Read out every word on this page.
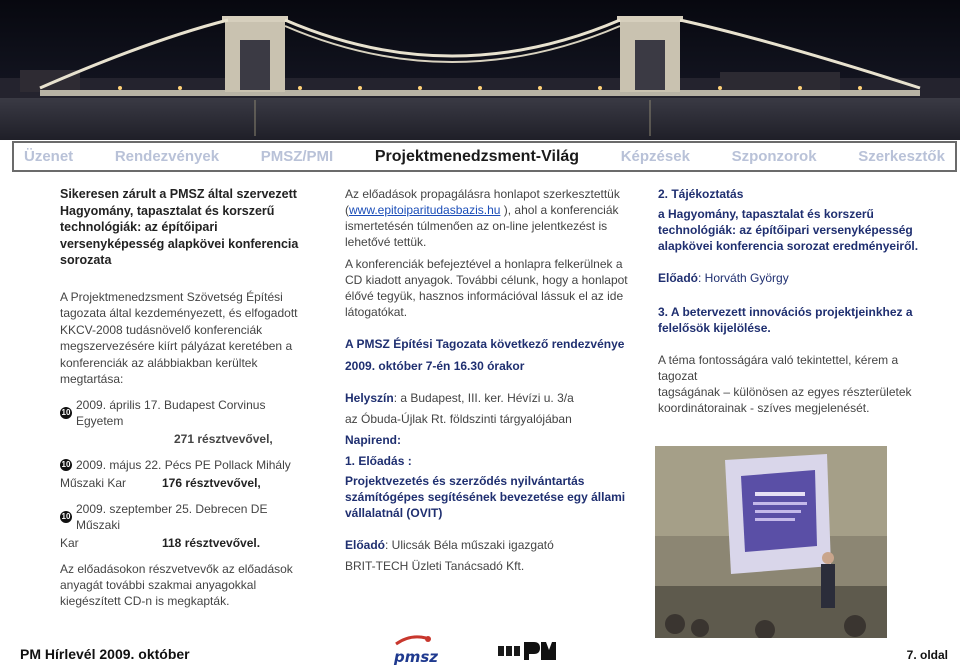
Üzenet	Rendezvények	PMSZ/PMI	Projektmenedzsment-Világ	Képzések	Szponzorok	Szerkesztők
Sikeresen zárult a PMSZ által szervezett
Hagyomány, tapasztalat és korszerű
technológiák: az építőipari
versenyképesség alapkövei konferencia
sorozata
A Projektmenedzsment Szövetség Építési
tagozata által kezdeményezett, és elfogadott
KKCV-2008 tudásnövelő konferenciák
megszervezésére kiírt pályázat keretében a
konferenciák az alábbiakban kerültek
megtartása:
10
2009. április 17. Budapest Corvinus Egyetem
271 résztvevővel,
10 2009. május 22. Pécs PE Pollack Mihály
Műszaki Kar	176 résztvevővel,
10
2009. szeptember 25. Debrecen DE Műszaki
Kar	118 résztvevővel.
Az előadásokon részvetvevők az előadások
anyagát további szakmai anyagokkal
kiegészített CD-n is megkapták.
Az előadások propagálásra honlapot szerkesztettük
(www.epitoiparitudasbazis.hu ), ahol a konferenciák
ismertetésén túlmenően az on-line jelentkezést is
lehetővé tettük.
A konferenciák befejeztével a honlapra felkerülnek a
CD kiadott anyagok. További célunk, hogy a honlapot
élővé tegyük, hasznos információval lássuk el az ide
látogatókat.
A PMSZ Építési Tagozata következő rendezvénye
2009. október 7-én 16.30 órakor
Helyszín: a Budapest, III. ker. Hévízi u. 3/a
az Óbuda-Újlak Rt. földszinti tárgyalójában
Napirend:
1. Előadás :
Projektvezetés és szerződés nyilvántartás
számítógépes segítésének bevezetése egy állami
vállalatnál (OVIT)
Előadó: Ulicsák Béla műszaki igazgató
BRIT-TECH Üzleti Tanácsadó Kft.
2. Tájékoztatás
a Hagyomány, tapasztalat és korszerű
technológiák: az építőipari versenyképesség
alapkövei konferencia sorozat eredményeiről.
Előadó: Horváth György
3. A betervezett innovációs projektjeinkhez a
felelősök kijelölése.
A téma fontosságára való tekintettel, kérem a tagozat
tagságának – különösen az egyes részterületek
koordinátorainak - szíves megjelenését.
PM Hírlevél 2009. október	pmsz	7. oldal
